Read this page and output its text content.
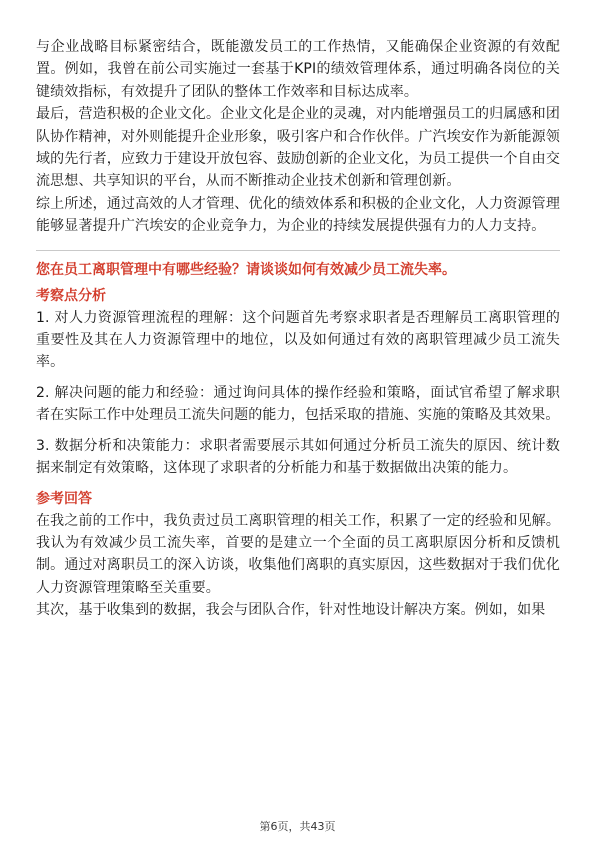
与企业战略目标紧密结合，既能激发员工的工作热情，又能确保企业资源的有效配置。例如，我曾在前公司实施过一套基于KPI的绩效管理体系，通过明确各岗位的关键绩效指标，有效提升了团队的整体工作效率和目标达成率。

最后，营造积极的企业文化。企业文化是企业的灵魂，对内能增强员工的归属感和团队协作精神，对外则能提升企业形象，吸引客户和合作伙伴。广汽埃安作为新能源领域的先行者，应致力于建设开放包容、鼓励创新的企业文化，为员工提供一个自由交流思想、共享知识的平台，从而不断推动企业技术创新和管理创新。

综上所述，通过高效的人才管理、优化的绩效体系和积极的企业文化，人力资源管理能够显著提升广汽埃安的企业竞争力，为企业的持续发展提供强有力的人力支持。

您在员工离职管理中有哪些经验？请谈谈如何有效减少员工流失率。

考察点分析

1. 对人力资源管理流程的理解：这个问题首先考察求职者是否理解员工离职管理的重要性及其在人力资源管理中的地位，以及如何通过有效的离职管理减少员工流失率。

2. 解决问题的能力和经验：通过询问具体的操作经验和策略，面试官希望了解求职者在实际工作中处理员工流失问题的能力，包括采取的措施、实施的策略及其效果。

3. 数据分析和决策能力：求职者需要展示其如何通过分析员工流失的原因、统计数据来制定有效策略，这体现了求职者的分析能力和基于数据做出决策的能力。

参考回答

在我之前的工作中，我负责过员工离职管理的相关工作，积累了一定的经验和见解。我认为有效减少员工流失率，首要的是建立一个全面的员工离职原因分析和反馈机制。通过对离职员工的深入访谈，收集他们离职的真实原因，这些数据对于我们优化人力资源管理策略至关重要。

其次，基于收集到的数据，我会与团队合作，针对性地设计解决方案。例如，如果

第6页，共43页
